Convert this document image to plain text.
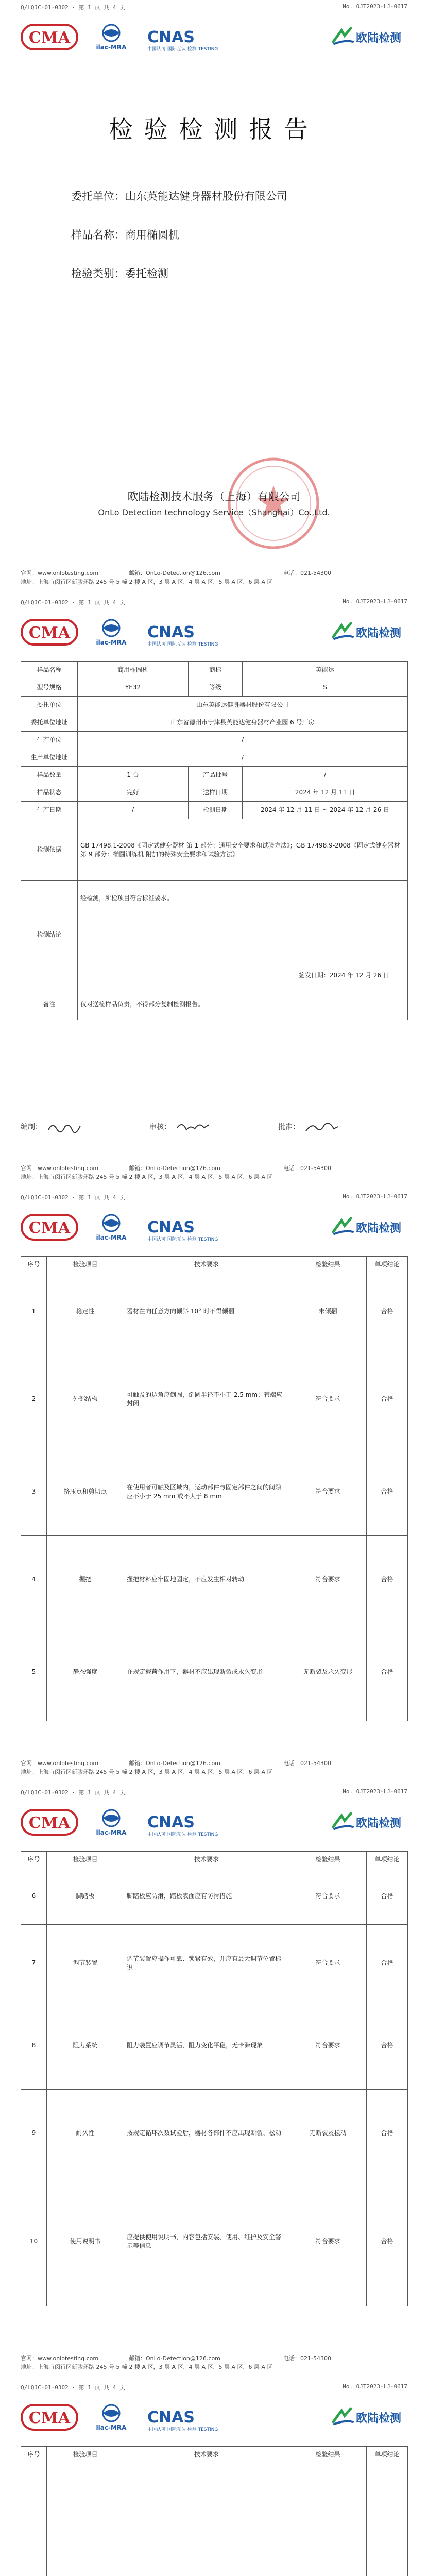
Q/LQJC-01-0302 · 第 1 页 共 4 页	No. OJT2023-LJ-0617
CMA
ilac-MRA
CNAS
中国认可 国际互认 检测 TESTING
欧陆检测
检验检测报告
委托单位：山东英能达健身器材股份有限公司
样品名称：商用椭圆机
检验类别：委托检测
欧陆检测技术服务（上海）有限公司
OnLo Detection technology Service（Shanghai）Co.,Ltd.
官网：www.onlotesting.com	邮箱：OnLo-Detection@126.com	电话：021-54300
地址：上海市闵行区新骏环路 245 号 5 幢 2 楼 A 区，3 层 A 区，4 层 A 区，5 层 A 区，6 层 A 区
Q/LQJC-01-0302 · 第 1 页 共 4 页	No. OJT2023-LJ-0617
CMA
ilac-MRA
CNAS
中国认可 国际互认 检测 TESTING
欧陆检测
样品名称	商用椭圆机	商标	英能达
型号规格	YE32	等级	S
委托单位	山东英能达健身器材股份有限公司		
委托单位地址	山东省德州市宁津县英能达健身器材产业园 6 号厂房		
生产单位	/		
生产单位地址	/		
样品数量	1 台	产品批号	/
样品状态	完好	送样日期	2024 年 12 月 11 日
生产日期	/	检测日期	2024 年 12 月 11 日 ~ 2024 年 12 月 26 日
检测依据	GB 17498.1-2008《固定式健身器材 第 1 部分：通用安全要求和试验方法》；GB 17498.9-2008《固定式健身器材 第 9 部分：椭圆训练机 附加的特殊安全要求和试验方法》		
检测结论	经检测，所检项目符合标准要求。
签发日期：2024 年 12 月 26 日		

备注	仅对送检样品负责，不得部分复制检测报告。		
编制：	审核：	批准：
官网：www.onlotesting.com	邮箱：OnLo-Detection@126.com	电话：021-54300
地址：上海市闵行区新骏环路 245 号 5 幢 2 楼 A 区，3 层 A 区，4 层 A 区，5 层 A 区，6 层 A 区
Q/LQJC-01-0302 · 第 1 页 共 4 页	No. OJT2023-LJ-0617
CMA
ilac-MRA
CNAS
中国认可 国际互认 检测 TESTING
欧陆检测
序号	检验项目	技术要求	检验结果	单项结论
1	稳定性	器材在向任意方向倾斜 10° 时不得倾翻	未倾翻	合格
2	外部结构	可触及的边角应倒圆，倒圆半径不小于 2.5 mm；管端应封闭	符合要求	合格
3	挤压点和剪切点	在使用者可触及区域内，运动部件与固定部件之间的间隙应不小于 25 mm 或不大于 8 mm	符合要求	合格
4	握把	握把材料应牢固地固定，不应发生相对转动	符合要求	合格
5	静态强度	在规定载荷作用下，器材不应出现断裂或永久变形	无断裂及永久变形	合格
官网：www.onlotesting.com	邮箱：OnLo-Detection@126.com	电话：021-54300
地址：上海市闵行区新骏环路 245 号 5 幢 2 楼 A 区，3 层 A 区，4 层 A 区，5 层 A 区，6 层 A 区
Q/LQJC-01-0302 · 第 1 页 共 4 页	No. OJT2023-LJ-0617
CMA
ilac-MRA
CNAS
中国认可 国际互认 检测 TESTING
欧陆检测
序号	检验项目	技术要求	检验结果	单项结论
6	脚踏板	脚踏板应防滑，踏板表面应有防滑措施	符合要求	合格
7	调节装置	调节装置应操作可靠、锁紧有效，并应有最大调节位置标识	符合要求	合格
8	阻力系统	阻力装置应调节灵活，阻力变化平稳，无卡滞现象	符合要求	合格
9	耐久性	按规定循环次数试验后，器材各部件不应出现断裂、松动	无断裂及松动	合格
10	使用说明书	应提供使用说明书，内容包括安装、使用、维护及安全警示等信息	符合要求	合格
官网：www.onlotesting.com	邮箱：OnLo-Detection@126.com	电话：021-54300
地址：上海市闵行区新骏环路 245 号 5 幢 2 楼 A 区，3 层 A 区，4 层 A 区，5 层 A 区，6 层 A 区
Q/LQJC-01-0302 · 第 1 页 共 4 页	No. OJT2023-LJ-0617
CMA
ilac-MRA
CNAS
中国认可 国际互认 检测 TESTING
欧陆检测
序号	检验项目	技术要求	检验结果	单项结论
